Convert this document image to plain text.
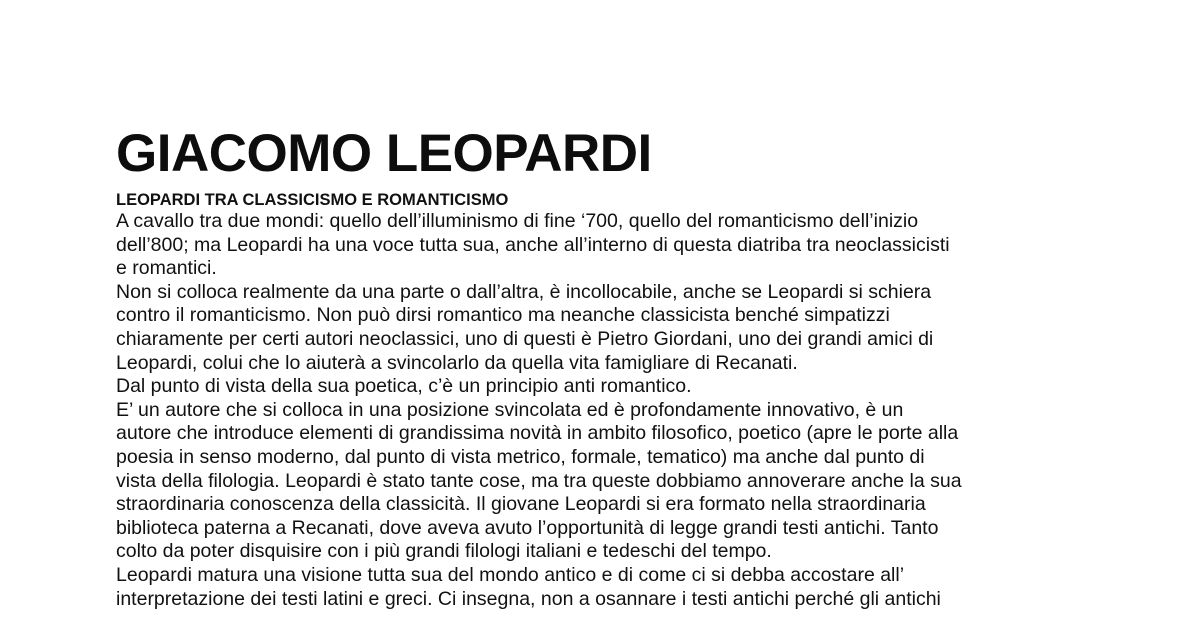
GIACOMO LEOPARDI
LEOPARDI TRA CLASSICISMO E ROMANTICISMO

A cavallo tra due mondi: quello dell’illuminismo di fine ‘700, quello del romanticismo dell’inizio
dell’800; ma Leopardi ha una voce tutta sua, anche all’interno di questa diatriba tra neoclassicisti
e romantici.
Non si colloca realmente da una parte o dall’altra, è incollocabile, anche se Leopardi si schiera
contro il romanticismo. Non può dirsi romantico ma neanche classicista benché simpatizzi
chiaramente per certi autori neoclassici, uno di questi è Pietro Giordani, uno dei grandi amici di
Leopardi, colui che lo aiuterà a svincolarlo da quella vita famigliare di Recanati.
Dal punto di vista della sua poetica, c’è un principio anti romantico.
E’ un autore che si colloca in una posizione svincolata ed è profondamente innovativo, è un
autore che introduce elementi di grandissima novità in ambito filosofico, poetico (apre le porte alla
poesia in senso moderno, dal punto di vista metrico, formale, tematico) ma anche dal punto di
vista della filologia. Leopardi è stato tante cose, ma tra queste dobbiamo annoverare anche la sua
straordinaria conoscenza della classicità. Il giovane Leopardi si era formato nella straordinaria
biblioteca paterna a Recanati, dove aveva avuto l’opportunità di legge grandi testi antichi. Tanto
colto da poter disquisire con i più grandi filologi italiani e tedeschi del tempo.
Leopardi matura una visione tutta sua del mondo antico e di come ci si debba accostare all’
interpretazione dei testi latini e greci. Ci insegna, non a osannare i testi antichi perché gli antichi
